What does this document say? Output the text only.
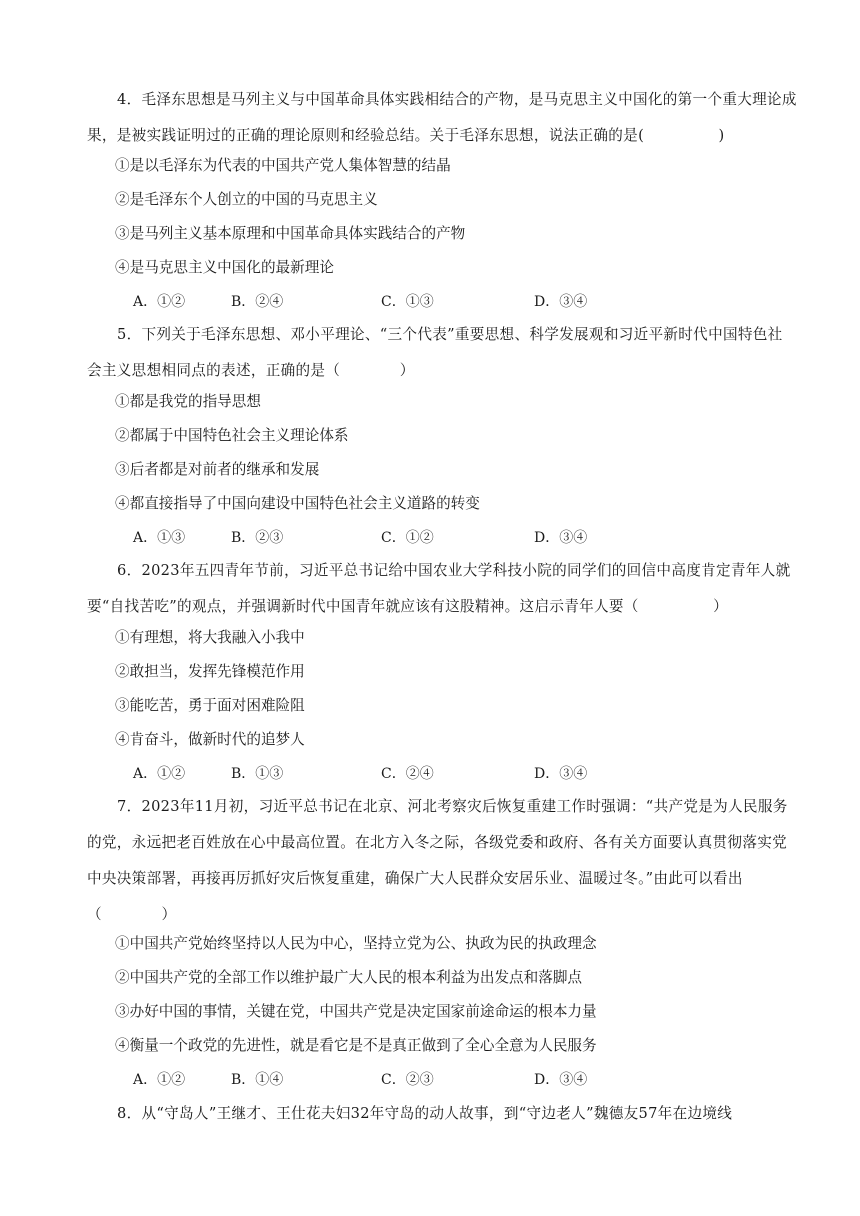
4．毛泽东思想是马列主义与中国革命具体实践相结合的产物，是马克思主义中国化的第一个重大理论成果，是被实践证明过的正确的理论原则和经验总结。关于毛泽东思想，说法正确的是(　　　　　)

①是以毛泽东为代表的中国共产党人集体智慧的结晶

②是毛泽东个人创立的中国的马克思主义

③是马列主义基本原理和中国革命具体实践结合的产物

④是马克思主义中国化的最新理论

A．①②	B．②④	C．①③	D．③④

5．下列关于毛泽东思想、邓小平理论、“三个代表”重要思想、科学发展观和习近平新时代中国特色社会主义思想相同点的表述，正确的是（　　　　）

①都是我党的指导思想

②都属于中国特色社会主义理论体系

③后者都是对前者的继承和发展

④都直接指导了中国向建设中国特色社会主义道路的转变

A．①③	B．②③	C．①②	D．③④

6．2023年五四青年节前，习近平总书记给中国农业大学科技小院的同学们的回信中高度肯定青年人就要“自找苦吃”的观点，并强调新时代中国青年就应该有这股精神。这启示青年人要（　　　　　）

①有理想，将大我融入小我中

②敢担当，发挥先锋模范作用

③能吃苦，勇于面对困难险阻

④肯奋斗，做新时代的追梦人

A．①②	B．①③	C．②④	D．③④

7．2023年11月初，习近平总书记在北京、河北考察灾后恢复重建工作时强调：“共产党是为人民服务的党，永远把老百姓放在心中最高位置。在北方入冬之际，各级党委和政府、各有关方面要认真贯彻落实党中央决策部署，再接再厉抓好灾后恢复重建，确保广大人民群众安居乐业、温暖过冬。”由此可以看出（　　　　）

①中国共产党始终坚持以人民为中心，坚持立党为公、执政为民的执政理念

②中国共产党的全部工作以维护最广大人民的根本利益为出发点和落脚点

③办好中国的事情，关键在党，中国共产党是决定国家前途命运的根本力量

④衡量一个政党的先进性，就是看它是不是真正做到了全心全意为人民服务

A．①②	B．①④	C．②③	D．③④

8．从“守岛人”王继才、王仕花夫妇32年守岛的动人故事，到“守边老人”魏德友57年在边境线
